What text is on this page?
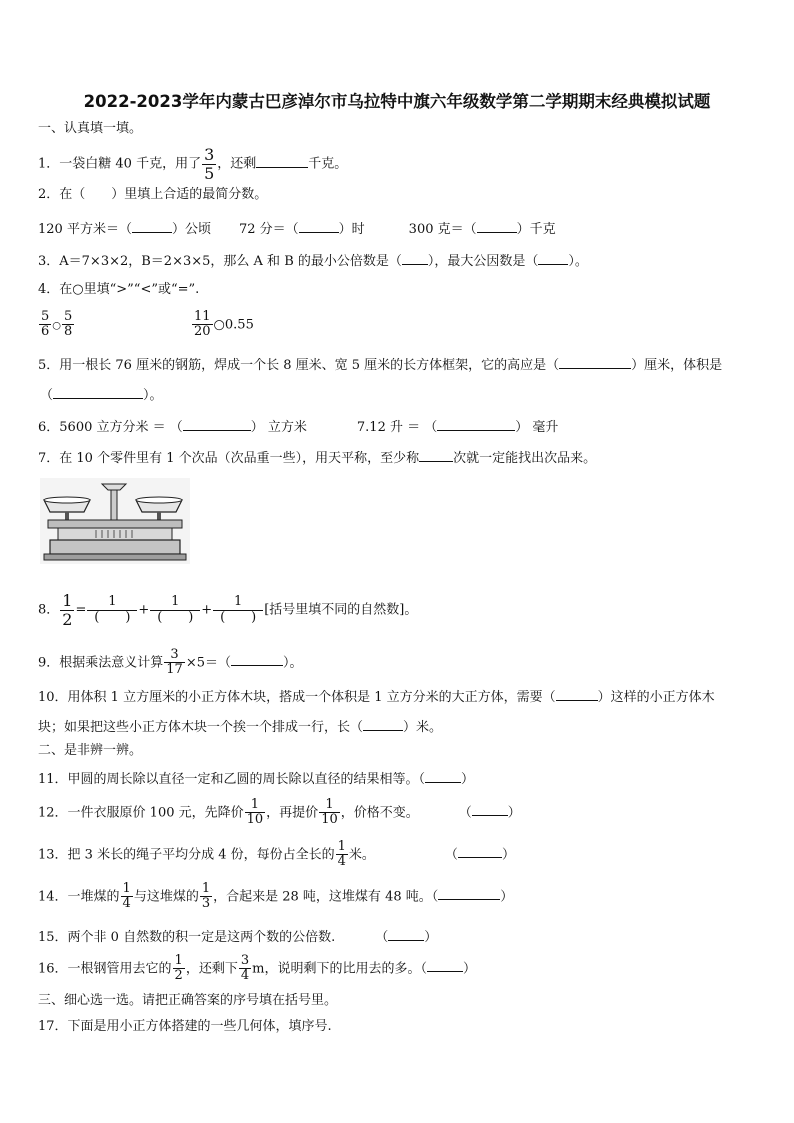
2022-2023学年内蒙古巴彦淖尔市乌拉特中旗六年级数学第二学期期末经典模拟试题
一、认真填一填。
1．一袋白糖 40 千克，用了 $\frac{3}{5}$ ，还剩	千克。
2．在（　　）里填上合适的最简分数。
120 平方米＝（	）公顷 72 分＝（	）时	300 克＝（	）千克
3．A＝7×3×2，B＝2×3×5，那么 A 和 B 的最小公倍数是（ ），最大公因数是（ ）。
4．在○里填“>”“<”或“=”.
$\frac{5}{6}$ ○ $\frac{5}{8}$	$\frac{11}{20}$ ○0.55
5．用一根长 76 厘米的钢筋，焊成一个长 8 厘米、宽 5 厘米的长方体框架，它的高应是（	）厘米，体积是
（	）。
6．5600 立方分米 ＝ （	） 立方米	7.12 升 ＝ （	） 毫升
7．在 10 个零件里有 1 个次品（次品重一些），用天平称，至少称	次就一定能找出次品来。
8． $\frac{1}{2} = \frac{1}{( )} + \frac{1}{( )} + \frac{1}{( )}$ [括号里填不同的自然数]。
9．根据乘法意义计算 $\frac{3}{17} \times 5=$（	）。
10．用体积 1 立方厘米的小正方体木块，搭成一个体积是 1 立方分米的大正方体，需要（	）这样的小正方体木
块；如果把这些小正方体木块一个挨一个排成一行，长（	）米。
二、是非辨一辨。
11．甲圆的周长除以直径一定和乙圆的周长除以直径的结果相等。（	）
12．一件衣服原价 100 元，先降价 $\frac{1}{10}$ ，再提价 $\frac{1}{10}$ ，价格不变。	（	）
13．把 3 米长的绳子平均分成 4 份，每份占全长的 $\frac{1}{4}$ 米。	（	）
14．一堆煤的 $\frac{1}{4}$ 与这堆煤的 $\frac{1}{3}$ ，合起来是 28 吨，这堆煤有 48 吨。（	）
15．两个非 0 自然数的积一定是这两个数的公倍数.	（	）
16．一根钢管用去它的 $\frac{1}{2}$ ，还剩下 $\frac{3}{4}$ m，说明剩下的比用去的多。（	）
三、细心选一选。请把正确答案的序号填在括号里。
17．下面是用小正方体搭建的一些几何体，填序号.
